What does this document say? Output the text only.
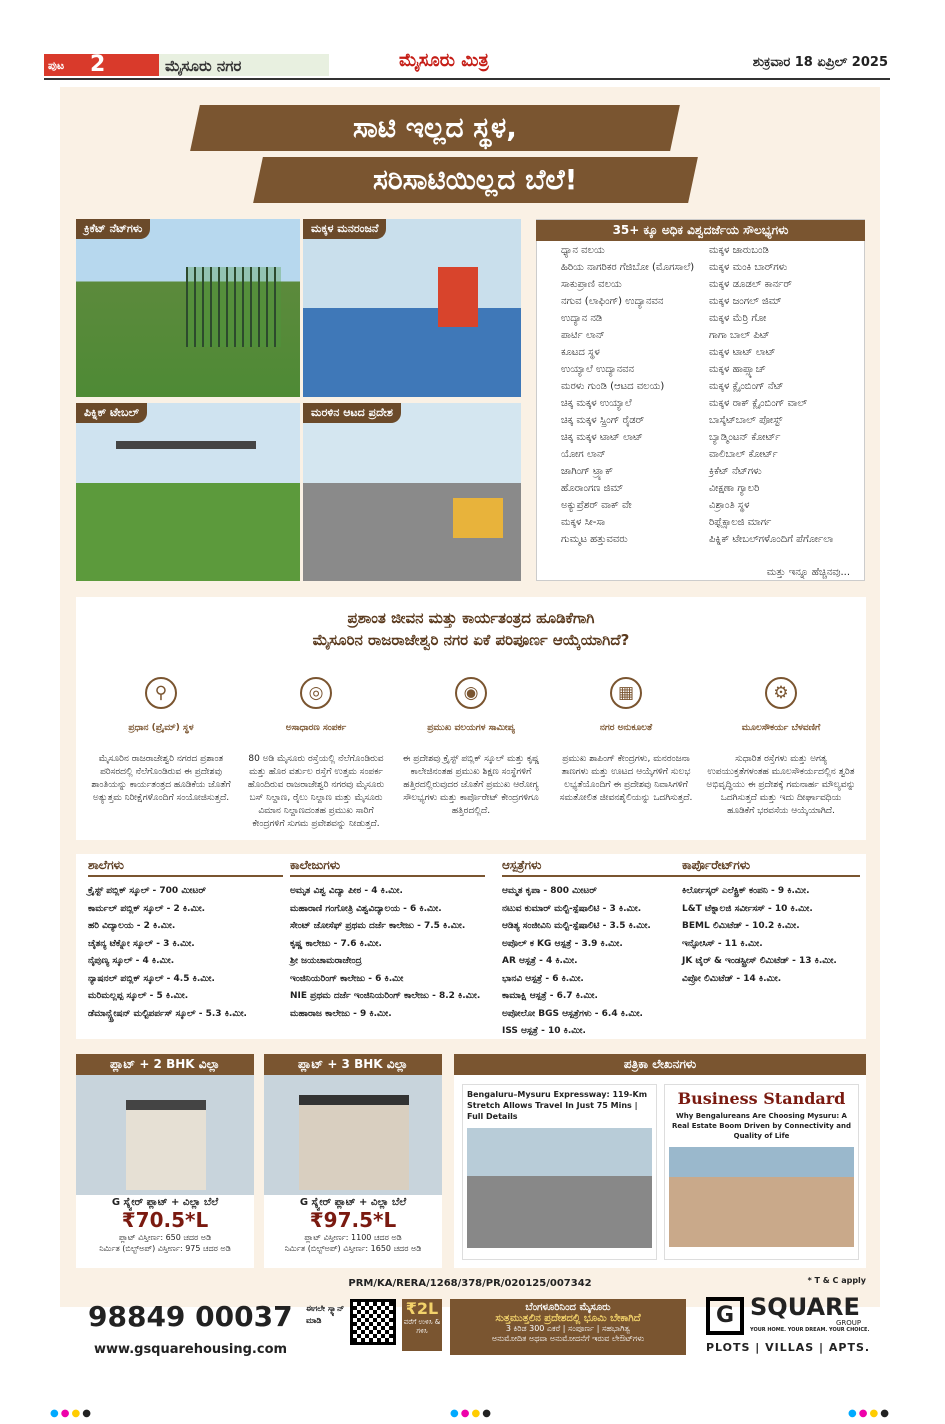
ಪುಟ 2	ಮೈಸೂರು ನಗರ	ಮೈಸೂರು ಮಿತ್ರ	ಶುಕ್ರವಾರ 18 ಏಪ್ರಿಲ್ 2025
ಸಾಟಿ ಇಲ್ಲದ ಸ್ಥಳ,
ಸರಿಸಾಟಿಯಿಲ್ಲದ ಬೆಲೆ!
ಕ್ರಿಕೆಟ್ ನೆಟ್‌ಗಳು	ಮಕ್ಕಳ ಮನರಂಜನೆ
ಪಿಕ್ನಿಕ್ ಟೇಬಲ್	ಮರಳಿನ ಆಟದ ಪ್ರದೇಶ
35+ ಕ್ಕೂ ಅಧಿಕ ವಿಶ್ವದರ್ಜೆಯ ಸೌಲಭ್ಯಗಳು
ಧ್ಯಾನ ವಲಯ
ಹಿರಿಯ ನಾಗರಿಕರ ಗೆಜಿಬೋ (ಮೊಗಸಾಲೆ)
ಸಾಕುಪ್ರಾಣಿ ವಲಯ
ನಗುವ (ಲಾಫಿಂಗ್) ಉದ್ಯಾನವನ
ಉದ್ಯಾನ ನಡಿ
ಪಾರ್ಟಿ ಲಾನ್
ಕೂಟದ ಸ್ಥಳ
ಉಯ್ಯಾಲೆ ಉದ್ಯಾನವನ
ಮರಳು ಗುಂಡಿ (ಆಟದ ವಲಯ)
ಚಿಕ್ಕ ಮಕ್ಕಳ ಉಯ್ಯಾಲೆ
ಚಿಕ್ಕ ಮಕ್ಕಳ ಸ್ಪ್ರಿಂಗ್ ರೈಡರ್
ಚಿಕ್ಕ ಮಕ್ಕಳ ಟಾಟ್ ಲಾಟ್
ಯೋಗ ಲಾನ್
ಜಾಗಿಂಗ್ ಟ್ರ್ಯಾಕ್
ಹೊರಾಂಗಣ ಜಿಮ್
ಅಕ್ಯುಪ್ರೆಶರ್ ವಾಕ್ ವೇ
ಮಕ್ಕಳ ಸೀ-ಸಾ
ಗುಮ್ಮಟ ಹತ್ತುವವರು
ಮಕ್ಕಳ ಜಾರುಬಂಡಿ
ಮಕ್ಕಳ ಮಂಕಿ ಬಾರ್‌ಗಳು
ಮಕ್ಕಳ ಡೂಡಲ್ ಕಾರ್ನರ್
ಮಕ್ಕಳ ಜಂಗಲ್ ಜಿಮ್
ಮಕ್ಕಳ ಮೆರ್ರಿ ಗೋ
ಗಾಗಾ ಬಾಲ್ ಪಿಟ್
ಮಕ್ಕಳ ಟಾಟ್ ಲಾಟ್
ಮಕ್ಕಳ ಹಾಪ್ಸ್ಕಾಚ್
ಮಕ್ಕಳ ಕ್ಲೈಂಬಿಂಗ್ ನೆಟ್
ಮಕ್ಕಳ ರಾಕ್ ಕ್ಲೈಂಬಿಂಗ್ ವಾಲ್
ಬಾಸ್ಕೆಟ್‌ಬಾಲ್ ಪೋಸ್ಟ್
ಬ್ಯಾಡ್ಮಿಂಟನ್ ಕೋರ್ಟ್
ವಾಲಿಬಾಲ್ ಕೋರ್ಟ್
ಕ್ರಿಕೆಟ್ ನೆಟ್‌ಗಳು
ವೀಕ್ಷಣಾ ಗ್ಯಾಲರಿ
ವಿಶ್ರಾಂತಿ ಸ್ಥಳ
ರಿಫ್ಲೆಕ್ಸಾಲಜಿ ಮಾರ್ಗ
ಪಿಕ್ನಿಕ್ ಟೇಬಲ್‌ಗಳೊಂದಿಗೆ ಪೆರ್ಗೋಲಾ
ಮತ್ತು ಇನ್ನೂ ಹೆಚ್ಚಿನವು...
ಪ್ರಶಾಂತ ಜೀವನ ಮತ್ತು ಕಾರ್ಯತಂತ್ರದ ಹೂಡಿಕೆಗಾಗಿ
ಮೈಸೂರಿನ ರಾಜರಾಜೇಶ್ವರಿ ನಗರ ಏಕೆ ಪರಿಪೂರ್ಣ ಆಯ್ಕೆಯಾಗಿದೆ?
⚲
ಪ್ರಧಾನ (ಪ್ರೈಮ್) ಸ್ಥಳ
ಮೈಸೂರಿನ ರಾಜರಾಜೇಶ್ವರಿ ನಗರದ ಪ್ರಶಾಂತ ಪರಿಸರದಲ್ಲಿ ನೆಲೆಗೊಂಡಿರುವ ಈ ಪ್ರದೇಶವು ಶಾಂತಿಯನ್ನು ಕಾರ್ಯತಂತ್ರದ ಹೂಡಿಕೆಯ ಜೊತೆಗೆ ಅತ್ಯುತ್ತಮ ನಿರೀಕ್ಷೆಗಳೊಂದಿಗೆ ಸಂಯೋಜಿಸುತ್ತದೆ.
◎
ಅಸಾಧಾರಣ ಸಂಪರ್ಕ
80 ಅಡಿ ಮೈಸೂರು ರಸ್ತೆಯಲ್ಲಿ ನೆಲೆಗೊಂಡಿರುವ ಮತ್ತು ಹೊರ ವರ್ತುಲ ರಸ್ತೆಗೆ ಉತ್ತಮ ಸಂಪರ್ಕ ಹೊಂದಿರುವ ರಾಜರಾಜೇಶ್ವರಿ ನಗರವು ಮೈಸೂರು ಬಸ್ ನಿಲ್ದಾಣ, ರೈಲು ನಿಲ್ದಾಣ ಮತ್ತು ಮೈಸೂರು ವಿಮಾನ ನಿಲ್ದಾಣದಂತಹ ಪ್ರಮುಖ ಸಾರಿಗೆ ಕೇಂದ್ರಗಳಿಗೆ ಸುಗಮ ಪ್ರವೇಶವನ್ನು ನೀಡುತ್ತದೆ.
◉
ಪ್ರಮುಖ ವಲಯಗಳ ಸಾಮೀಪ್ಯ
ಈ ಪ್ರದೇಶವು ಕ್ರೈಸ್ಟ್ ಪಬ್ಲಿಕ್ ಸ್ಕೂಲ್ ಮತ್ತು ಕೃಷ್ಣ ಕಾಲೇಜಿನಂತಹ ಪ್ರಮುಖ ಶಿಕ್ಷಣ ಸಂಸ್ಥೆಗಳಿಗೆ ಹತ್ತಿರದಲ್ಲಿರುವುದರ ಜೊತೆಗೆ ಪ್ರಮುಖ ಆರೋಗ್ಯ ಸೌಲಭ್ಯಗಳು ಮತ್ತು ಕಾರ್ಪೊರೇಟ್ ಕೇಂದ್ರಗಳಿಗೂ ಹತ್ತಿರದಲ್ಲಿದೆ.
▦
ನಗರ ಅನುಕೂಲತೆ
ಪ್ರಮುಖ ಶಾಪಿಂಗ್ ಕೇಂದ್ರಗಳು, ಮನರಂಜನಾ ತಾಣಗಳು ಮತ್ತು ಊಟದ ಆಯ್ಕೆಗಳಿಗೆ ಸುಲಭ ಲಭ್ಯತೆಯೊಂದಿಗೆ ಈ ಪ್ರದೇಶವು ನಿವಾಸಿಗಳಿಗೆ ಸಮತೋಲಿತ ಜೀವನಶೈಲಿಯನ್ನು ಒದಗಿಸುತ್ತದೆ.
⚙
ಮೂಲಸೌಕರ್ಯ ಬೆಳವಣಿಗೆ
ಸುಧಾರಿತ ರಸ್ತೆಗಳು ಮತ್ತು ಅಗತ್ಯ ಉಪಯುಕ್ತತೆಗಳಂತಹ ಮೂಲಸೌಕರ್ಯದಲ್ಲಿನ ತ್ವರಿತ ಅಭಿವೃದ್ಧಿಯು ಈ ಪ್ರದೇಶಕ್ಕೆ ಗಮನಾರ್ಹ ಮೌಲ್ಯವನ್ನು ಒದಗಿಸುತ್ತದೆ ಮತ್ತು ಇದು ದೀರ್ಘಾವಧಿಯ ಹೂಡಿಕೆಗೆ ಭರವಸೆಯ ಆಯ್ಕೆಯಾಗಿದೆ.
ಶಾಲೆಗಳು
ಕ್ರೈಸ್ಟ್ ಪಬ್ಲಿಕ್ ಸ್ಕೂಲ್ - 700 ಮೀಟರ್
ಕಾರ್ಮಲ್ ಪಬ್ಲಿಕ್ ಸ್ಕೂಲ್ - 2 ಕಿ.ಮೀ.
ಹರಿ ವಿದ್ಯಾಲಯ - 2 ಕಿ.ಮೀ.
ಚೈತನ್ಯ ಟೆಕ್ನೋ ಸ್ಕೂಲ್ - 3 ಕಿ.ಮೀ.
ನೈಪುಣ್ಯ ಸ್ಕೂಲ್ - 4 ಕಿ.ಮೀ.
ನ್ಯಾಷನಲ್ ಪಬ್ಲಿಕ್ ಸ್ಕೂಲ್ - 4.5 ಕಿ.ಮೀ.
ಮರಿಮಲ್ಲಪ್ಪ ಸ್ಕೂಲ್ - 5 ಕಿ.ಮೀ.
ಡೆಮಾನ್ಸ್ಟ್ರೇಷನ್ ಮಲ್ಟಿಪರ್ಪಸ್ ಸ್ಕೂಲ್ - 5.3 ಕಿ.ಮೀ.
ಕಾಲೇಜುಗಳು
ಅಮೃತ ವಿಶ್ವ ವಿದ್ಯಾ ಪೀಠ - 4 ಕಿ.ಮೀ.
ಮಹಾರಾಣಿ ಗಂಗೋತ್ರಿ ವಿಶ್ವವಿದ್ಯಾಲಯ - 6 ಕಿ.ಮೀ.
ಸೇಂಟ್ ಜೋಸೆಫ್ ಪ್ರಥಮ ದರ್ಜೆ ಕಾಲೇಜು - 7.5 ಕಿ.ಮೀ.
ಕೃಷ್ಣ ಕಾಲೇಜು - 7.6 ಕಿ.ಮೀ.
ಶ್ರೀ ಜಯಚಾಮರಾಜೇಂದ್ರ
ಇಂಜಿನಿಯರಿಂಗ್ ಕಾಲೇಜು - 6 ಕಿ.ಮೀ
NIE ಪ್ರಥಮ ದರ್ಜೆ ಇಂಜಿನಿಯರಿಂಗ್ ಕಾಲೇಜು - 8.2 ಕಿ.ಮೀ.
ಮಹಾರಾಜ ಕಾಲೇಜು - 9 ಕಿ.ಮೀ.
ಆಸ್ಪತ್ರೆಗಳು
ಆಮ್ಮತ ಕೃಪಾ - 800 ಮೀಟರ್
ನಟುವ ಕುಮಾರ್ ಮಲ್ಟಿ-ಸ್ಪೆಷಾಲಿಟಿ - 3 ಕಿ.ಮೀ.
ಆಡಿತ್ಯ ಸಂಜೀವಿನಿ ಮಲ್ಟಿ-ಸ್ಪೆಷಾಲಿಟಿ - 3.5 ಕಿ.ಮೀ.
ಅಪೊಲ್ ಕ KG ಆಸ್ಪತ್ರೆ - 3.9 ಕಿ.ಮೀ.
AR ಆಸ್ಪತ್ರೆ - 4 ಕಿ.ಮೀ.
ಭಾನವಿ ಆಸ್ಪತ್ರೆ - 6 ಕಿ.ಮೀ.
ಕಾಮಾಕ್ಷಿ ಆಸ್ಪತ್ರೆ - 6.7 ಕಿ.ಮೀ.
ಅಪೋಲೋ BGS ಆಸ್ಪತ್ರೆಗಳು - 6.4 ಕಿ.ಮೀ.
ISS ಆಸ್ಪತ್ರೆ - 10 ಕಿ.ಮೀ.
ಕಾರ್ಪೊರೇಟ್‌ಗಳು
ಕಿರ್ಲೋಸ್ಕರ್ ಎಲೆಕ್ಟ್ರಿಕ್ ಕಂಪನಿ - 9 ಕಿ.ಮೀ.
L&T ಟೆಕ್ನಾಲಜಿ ಸರ್ವೀಸಸ್ - 10 ಕಿ.ಮೀ.
BEML ಲಿಮಿಟೆಡ್ - 10.2 ಕಿ.ಮೀ.
ಇನ್ಫೋಸಿಸ್ - 11 ಕಿ.ಮೀ.
JK ಟೈರ್ & ಇಂಡಸ್ಟ್ರೀಸ್ ಲಿಮಿಟೆಡ್ - 13 ಕಿ.ಮೀ.
ವಿಪ್ರೋ ಲಿಮಿಟೆಡ್ - 14 ಕಿ.ಮೀ.
ಪ್ಲಾಟ್ + 2 BHK ವಿಲ್ಲಾ
G ಸ್ಕ್ವೇರ್ ಪ್ಲಾಟ್ + ವಿಲ್ಲಾ ಬೆಲೆ
₹70.5*L
ಪ್ಲಾಟ್ ವಿಸ್ತೀರ್ಣ: 650 ಚದರ ಅಡಿ
ನಿರ್ಮಿತ (ಬಿಲ್ಟ್‌ಅಪ್) ವಿಸ್ತೀರ್ಣ: 975 ಚದರ ಅಡಿ
ಪ್ಲಾಟ್ + 3 BHK ವಿಲ್ಲಾ
G ಸ್ಕ್ವೇರ್ ಪ್ಲಾಟ್ + ವಿಲ್ಲಾ ಬೆಲೆ
₹97.5*L
ಪ್ಲಾಟ್ ವಿಸ್ತೀರ್ಣ: 1100 ಚದರ ಅಡಿ
ನಿರ್ಮಿತ (ಬಿಲ್ಟ್‌ಅಪ್) ವಿಸ್ತೀರ್ಣ: 1650 ಚದರ ಅಡಿ
ಪತ್ರಿಕಾ ಲೇಖನಗಳು
Bengaluru–Mysuru Expressway: 119-Km Stretch Allows Travel In Just 75 Mins | Full Details
Business Standard
Why Bengalureans Are Choosing Mysuru: A Real Estate Boom Driven by Connectivity and Quality of Life
PRM/KA/RERA/1268/378/PR/020125/007342	* T & C apply
98849 00037
www.gsquarehousing.com
ಈಗಲೇ ಸ್ಕ್ಯಾನ್ ಮಾಡಿ
₹2L
ವರೆಗೆ ಉಳಿಸಿ & ಗಳಿಸಿ
ಬೆಂಗಳೂರಿನಿಂದ ಮೈಸೂರು
ಸುತ್ತಮುತ್ತಲಿನ ಪ್ರದೇಶದಲ್ಲಿ ಭೂಮಿ ಬೇಕಾಗಿದೆ
3 ಕಿರಿಡ 300 ಎಕರೆ | ಸಂಪೂರ್ಣ | ಸಹಭಾಗಿತ್ವ
ಅನುಮೋದಿತ ಅಥವಾ ಅನುಮೋದನೆಗೆ ಇರುವ ಲೇಔಟ್‌ಗಳು
G SQUARE
GROUP
YOUR HOME. YOUR DREAM. YOUR CHOICE.
PLOTS | VILLAS | APTS.
●●●●	●●●●	●●●●
